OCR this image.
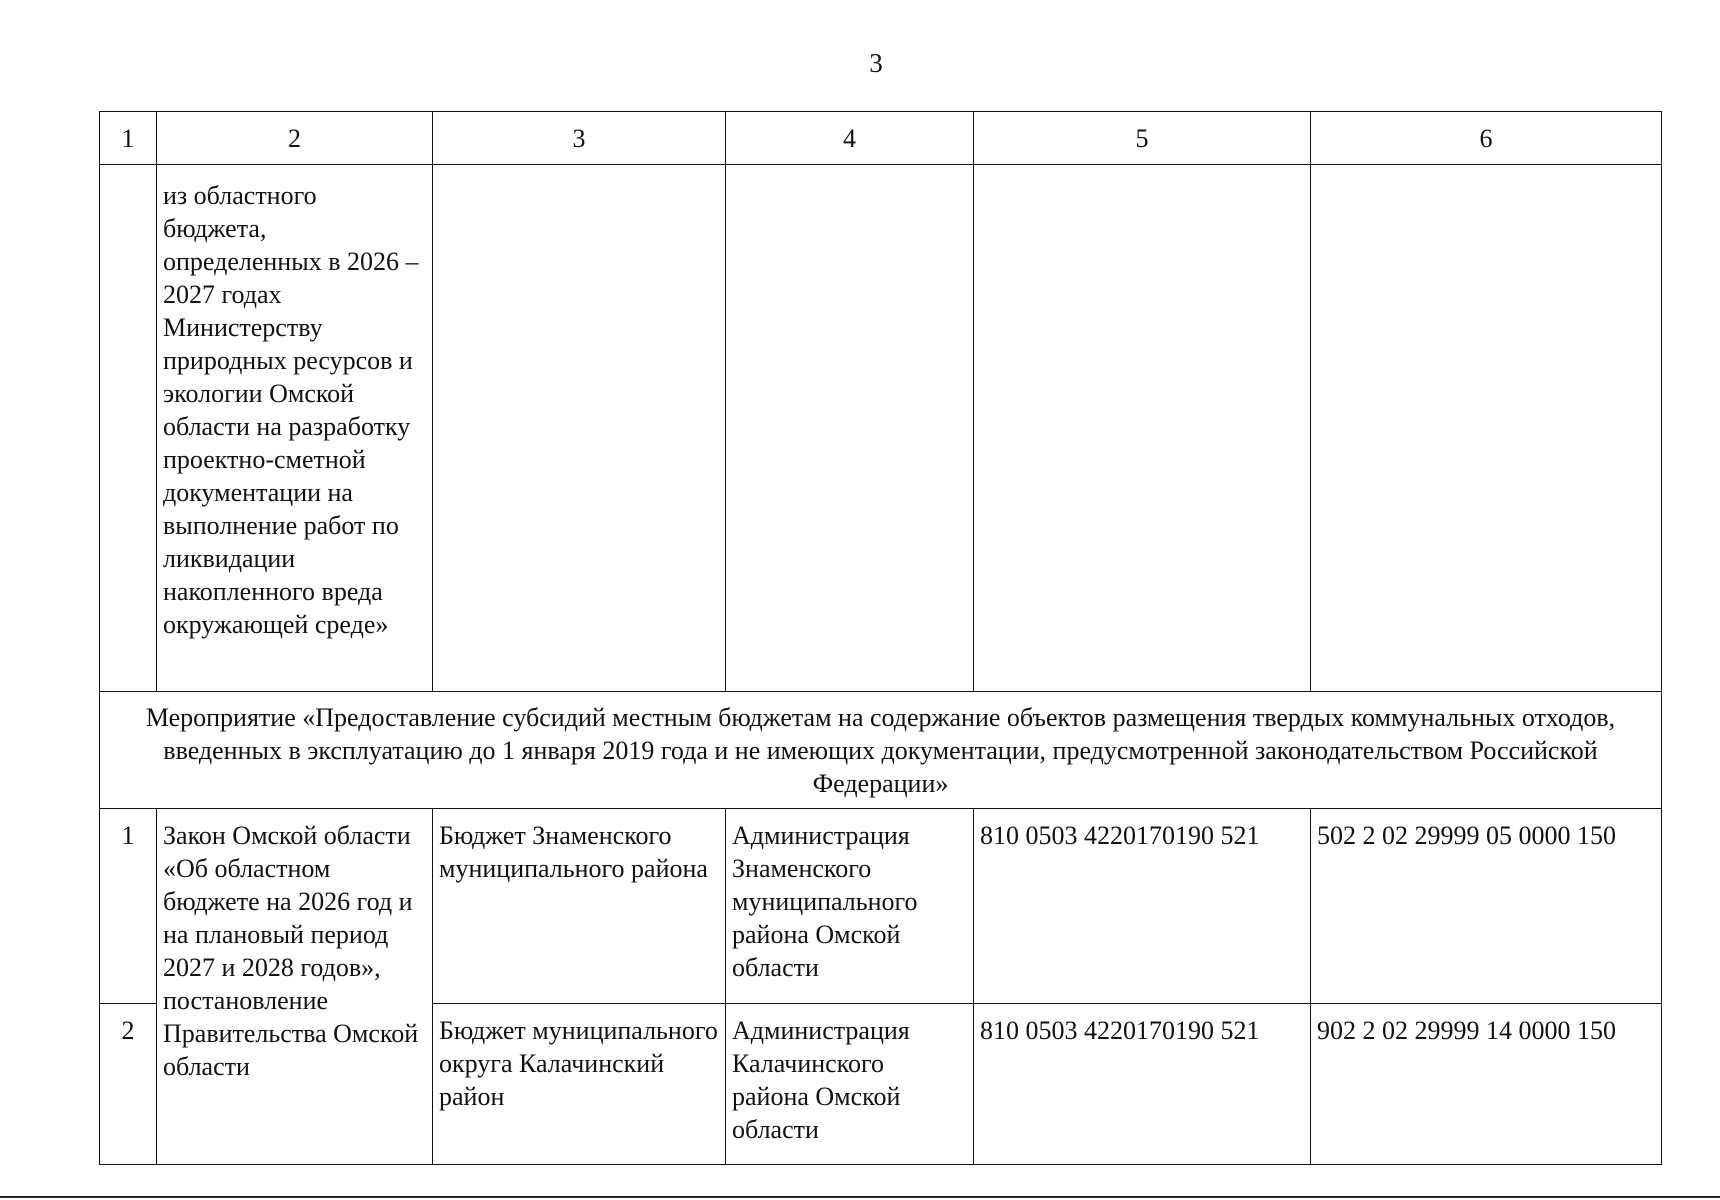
3
1	2	3	4	5	6
	из областного бюджета, определенных в 2026 – 2027 годах Министерству природных ресурсов и экологии Омской области на разработку проектно-сметной документации на выполнение работ по ликвидации накопленного вреда окружающей среде»				
Мероприятие «Предоставление субсидий местным бюджетам на содержание объектов размещения твердых коммунальных отходов, введенных в эксплуатацию до 1 января 2019 года и не имеющих документации, предусмотренной законодательством Российской Федерации»					
1	Закон Омской области «Об областном бюджете на 2026 год и на плановый период 2027 и 2028 годов», постановление Правительства Омской области	Бюджет Знаменского муниципального района	Администрация Знаменского муниципального района Омской области	810 0503 4220170190 521	502 2 02 29999 05 0000 150
2		Бюджет муниципального округа Калачинский район	Администрация Калачинского района Омской области	810 0503 4220170190 521	902 2 02 29999 14 0000 150
